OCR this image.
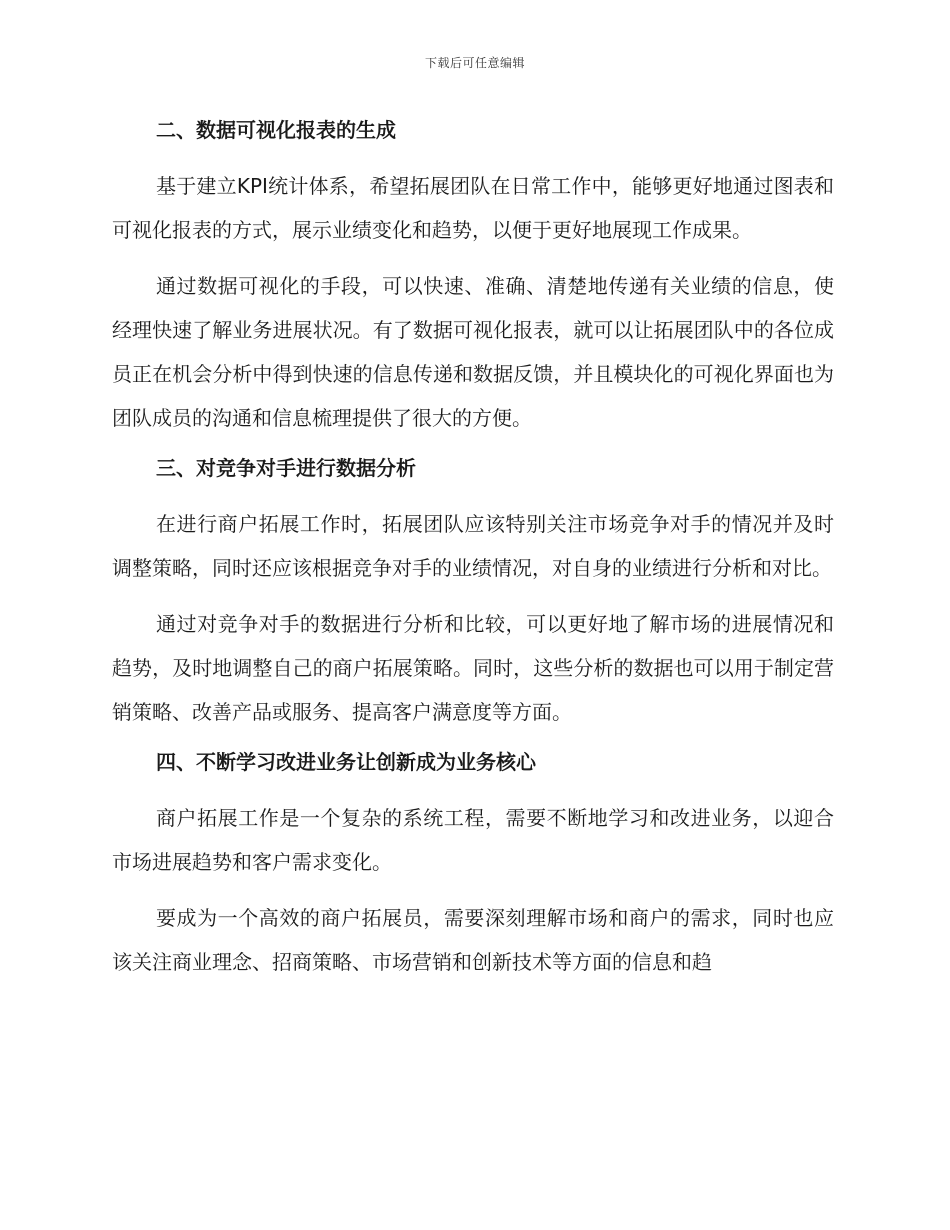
下载后可任意编辑
二、数据可视化报表的生成

基于建立KPI统计体系，希望拓展团队在日常工作中，能够更好地通过图表和可视化报表的方式，展示业绩变化和趋势，以便于更好地展现工作成果。

通过数据可视化的手段，可以快速、准确、清楚地传递有关业绩的信息，使经理快速了解业务进展状况。有了数据可视化报表，就可以让拓展团队中的各位成员正在机会分析中得到快速的信息传递和数据反馈，并且模块化的可视化界面也为团队成员的沟通和信息梳理提供了很大的方便。

三、对竞争对手进行数据分析

在进行商户拓展工作时，拓展团队应该特别关注市场竞争对手的情况并及时调整策略，同时还应该根据竞争对手的业绩情况，对自身的业绩进行分析和对比。

通过对竞争对手的数据进行分析和比较，可以更好地了解市场的进展情况和趋势，及时地调整自己的商户拓展策略。同时，这些分析的数据也可以用于制定营销策略、改善产品或服务、提高客户满意度等方面。

四、不断学习改进业务让创新成为业务核心

商户拓展工作是一个复杂的系统工程，需要不断地学习和改进业务，以迎合市场进展趋势和客户需求变化。

要成为一个高效的商户拓展员，需要深刻理解市场和商户的需求，同时也应该关注商业理念、招商策略、市场营销和创新技术等方面的信息和趋
